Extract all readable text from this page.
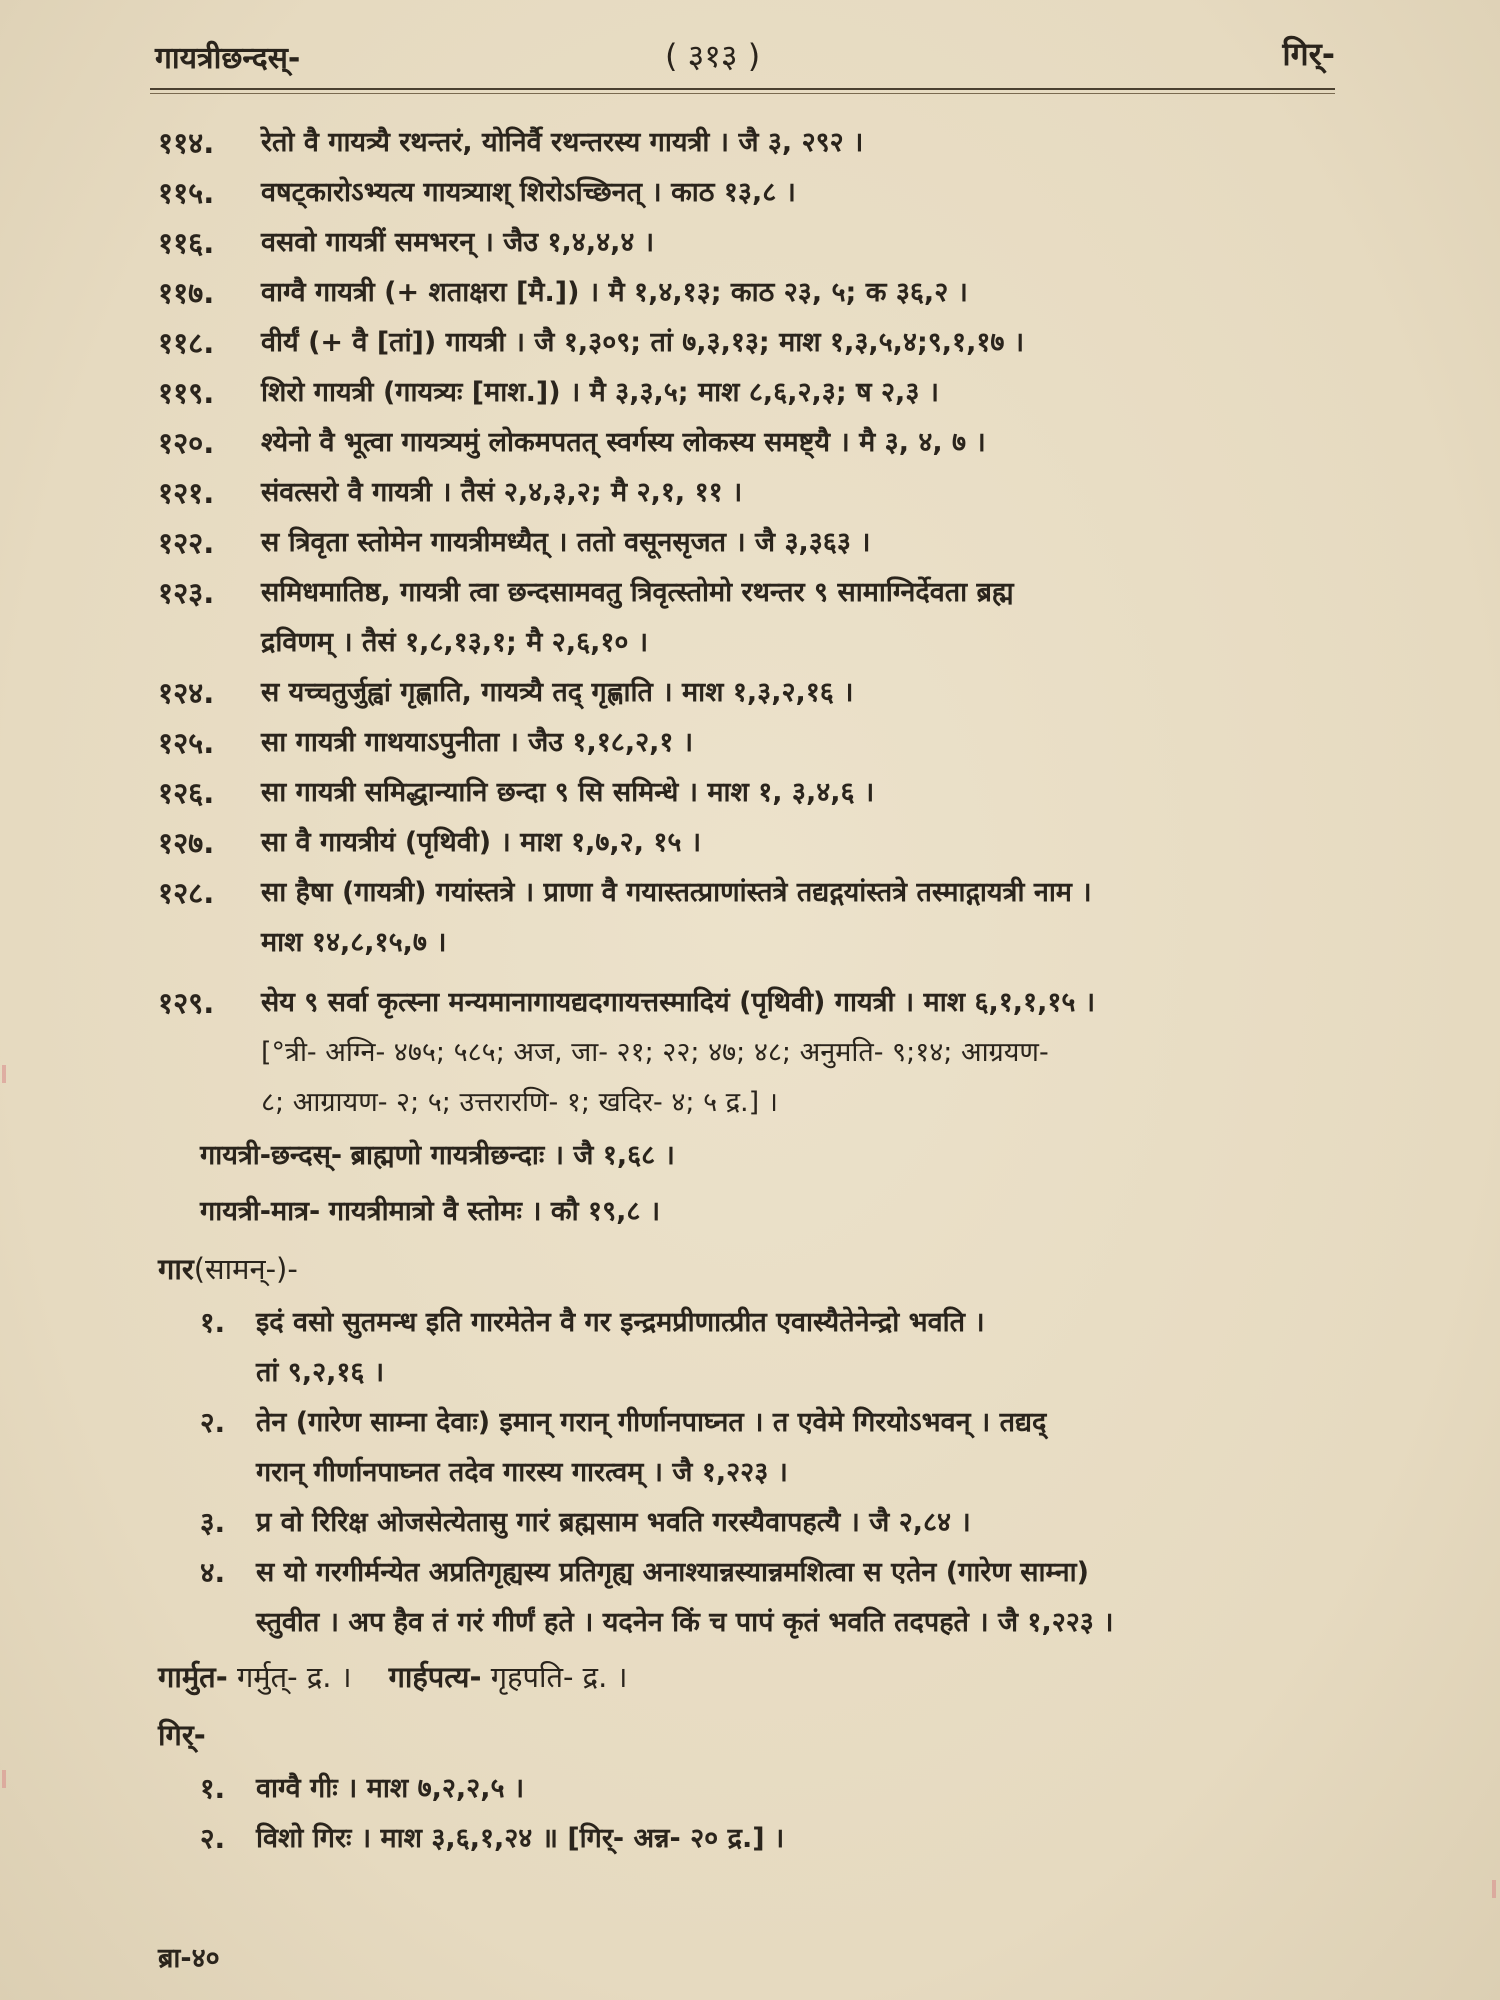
गायत्रीछन्दस्-	( ३१३ )	गिर्-
११४. रेतो वै गायत्र्यै रथन्तरं, योनिर्वै रथन्तरस्य गायत्री । जै ३, २९२ ।
११५. वषट्कारोऽभ्यत्य गायत्र्याश् शिरोऽच्छिनत् । काठ १३,८ ।
११६. वसवो गायत्रीं समभरन् । जैउ १,४,४,४ ।
११७. वाग्वै गायत्री (+ शताक्षरा [मै.]) । मै १,४,१३; काठ २३, ५; क ३६,२ ।
११८. वीर्यं (+ वै [तां]) गायत्री । जै १,३०९; तां ७,३,१३; माश १,३,५,४;९,१,१७ ।
११९. शिरो गायत्री (गायत्र्यः [माश.]) । मै ३,३,५; माश ८,६,२,३; ष २,३ ।
१२०. श्येनो वै भूत्वा गायत्र्यमुं लोकमपतत् स्वर्गस्य लोकस्य समष्ट्यै । मै ३, ४, ७ ।
१२१. संवत्सरो वै गायत्री । तैसं २,४,३,२; मै २,१, ११ ।
१२२. स त्रिवृता स्तोमेन गायत्रीमध्यैत् । ततो वसूनसृजत । जै ३,३६३ ।
१२३. समिधमातिष्ठ, गायत्री त्वा छन्दसामवतु त्रिवृत्स्तोमो रथन्तर ९ सामाग्निर्देवता ब्रह्म
द्रविणम् । तैसं १,८,१३,१; मै २,६,१० ।
१२४. स यच्चतुर्जुह्वां गृह्णाति, गायत्र्यै तद् गृह्णाति । माश १,३,२,१६ ।
१२५. सा गायत्री गाथयाऽपुनीता । जैउ १,१८,२,१ ।
१२६. सा गायत्री समिद्धान्यानि छन्दा ९ सि समिन्धे । माश १, ३,४,६ ।
१२७. सा वै गायत्रीयं (पृथिवी) । माश १,७,२, १५ ।
१२८. सा हैषा (गायत्री) गयांस्तत्रे । प्राणा वै गयास्तत्प्राणांस्तत्रे तद्यद्गयांस्तत्रे तस्माद्गायत्री नाम ।
माश १४,८,१५,७ ।
१२९. सेय ९ सर्वा कृत्स्ना मन्यमानागायद्यदगायत्तस्मादियं (पृथिवी) गायत्री । माश ६,१,१,१५ ।
[°त्री- अग्नि- ४७५; ५८५; अज, जा- २१; २२; ४७; ४८; अनुमति- ९;१४; आग्रयण-
८; आग्रायण- २; ५; उत्तरारणि- १; खदिर- ४; ५ द्र.] ।
गायत्री-छन्दस्- ब्राह्मणो गायत्रीछन्दाः । जै १,६८ ।
गायत्री-मात्र- गायत्रीमात्रो वै स्तोमः । कौ १९,८ ।
गार(सामन्-)-
१. इदं वसो सुतमन्ध इति गारमेतेन वै गर इन्द्रमप्रीणात्प्रीत एवास्यैतेनेन्द्रो भवति ।
तां ९,२,१६ ।
२. तेन (गारेण साम्ना देवाः) इमान् गरान् गीर्णानपाघ्नत । त एवेमे गिरयोऽभवन् । तद्यद्
गरान् गीर्णानपाघ्नत तदेव गारस्य गारत्वम् । जै १,२२३ ।
३. प्र वो रिरिक्ष ओजसेत्येतासु गारं ब्रह्मसाम भवति गरस्यैवापहत्यै । जै २,८४ ।
४. स यो गरगीर्मन्येत अप्रतिगृह्यस्य प्रतिगृह्य अनाश्यान्नस्यान्नमशित्वा स एतेन (गारेण साम्ना)
स्तुवीत । अप हैव तं गरं गीर्णं हते । यदनेन किं च पापं कृतं भवति तदपहते । जै १,२२३ ।
गार्मुत- गर्मुत्- द्र. । गार्हपत्य- गृहपति- द्र. ।
गिर्-
१. वाग्वै गीः । माश ७,२,२,५ ।
२. विशो गिरः । माश ३,६,१,२४ ॥ [गिर्- अन्न- २० द्र.] ।
ब्रा-४०
